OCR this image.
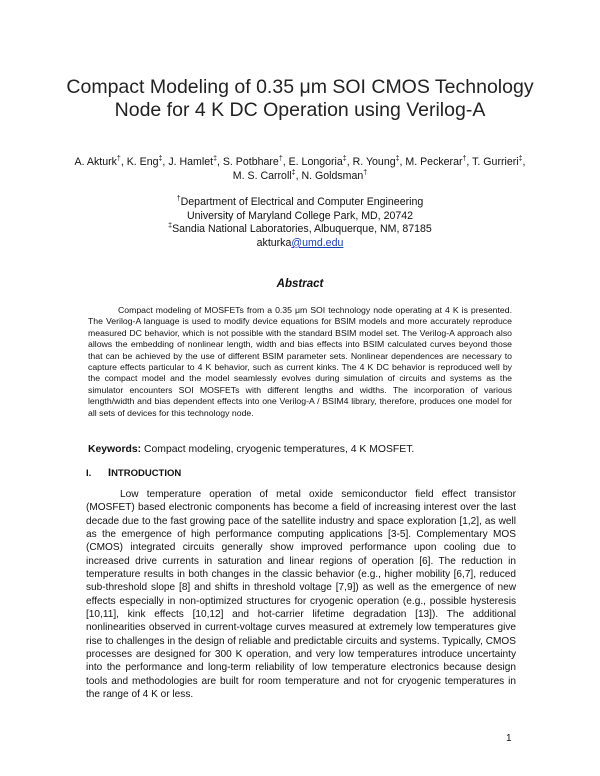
Compact Modeling of 0.35 μm SOI CMOS Technology Node for 4 K DC Operation using Verilog-A
A. Akturk†, K. Eng‡, J. Hamlet‡, S. Potbhare†, E. Longoria‡, R. Young‡, M. Peckerar†, T. Gurrieri‡, M. S. Carroll‡, N. Goldsman†
†Department of Electrical and Computer Engineering
University of Maryland College Park, MD, 20742
‡Sandia National Laboratories, Albuquerque, NM, 87185
akturka@umd.edu
Abstract

Compact modeling of MOSFETs from a 0.35 μm SOI technology node operating at 4 K is presented. The Verilog-A language is used to modify device equations for BSIM models and more accurately reproduce measured DC behavior, which is not possible with the standard BSIM model set. The Verilog-A approach also allows the embedding of nonlinear length, width and bias effects into BSIM calculated curves beyond those that can be achieved by the use of different BSIM parameter sets. Nonlinear dependences are necessary to capture effects particular to 4 K behavior, such as current kinks. The 4 K DC behavior is reproduced well by the compact model and the model seamlessly evolves during simulation of circuits and systems as the simulator encounters SOI MOSFETs with different lengths and widths. The incorporation of various length/width and bias dependent effects into one Verilog-A / BSIM4 library, therefore, produces one model for all sets of devices for this technology node.

Keywords: Compact modeling, cryogenic temperatures, 4 K MOSFET.
I. INTRODUCTION

Low temperature operation of metal oxide semiconductor field effect transistor (MOSFET) based electronic components has become a field of increasing interest over the last decade due to the fast growing pace of the satellite industry and space exploration [1,2], as well as the emergence of high performance computing applications [3-5]. Complementary MOS (CMOS) integrated circuits generally show improved performance upon cooling due to increased drive currents in saturation and linear regions of operation [6]. The reduction in temperature results in both changes in the classic behavior (e.g., higher mobility [6,7], reduced sub-threshold slope [8] and shifts in threshold voltage [7,9]) as well as the emergence of new effects especially in non-optimized structures for cryogenic operation (e.g., possible hysteresis [10,11], kink effects [10,12] and hot-carrier lifetime degradation [13]). The additional nonlinearities observed in current-voltage curves measured at extremely low temperatures give rise to challenges in the design of reliable and predictable circuits and systems. Typically, CMOS processes are designed for 300 K operation, and very low temperatures introduce uncertainty into the performance and long-term reliability of low temperature electronics because design tools and methodologies are built for room temperature and not for cryogenic temperatures in the range of 4 K or less.

1
